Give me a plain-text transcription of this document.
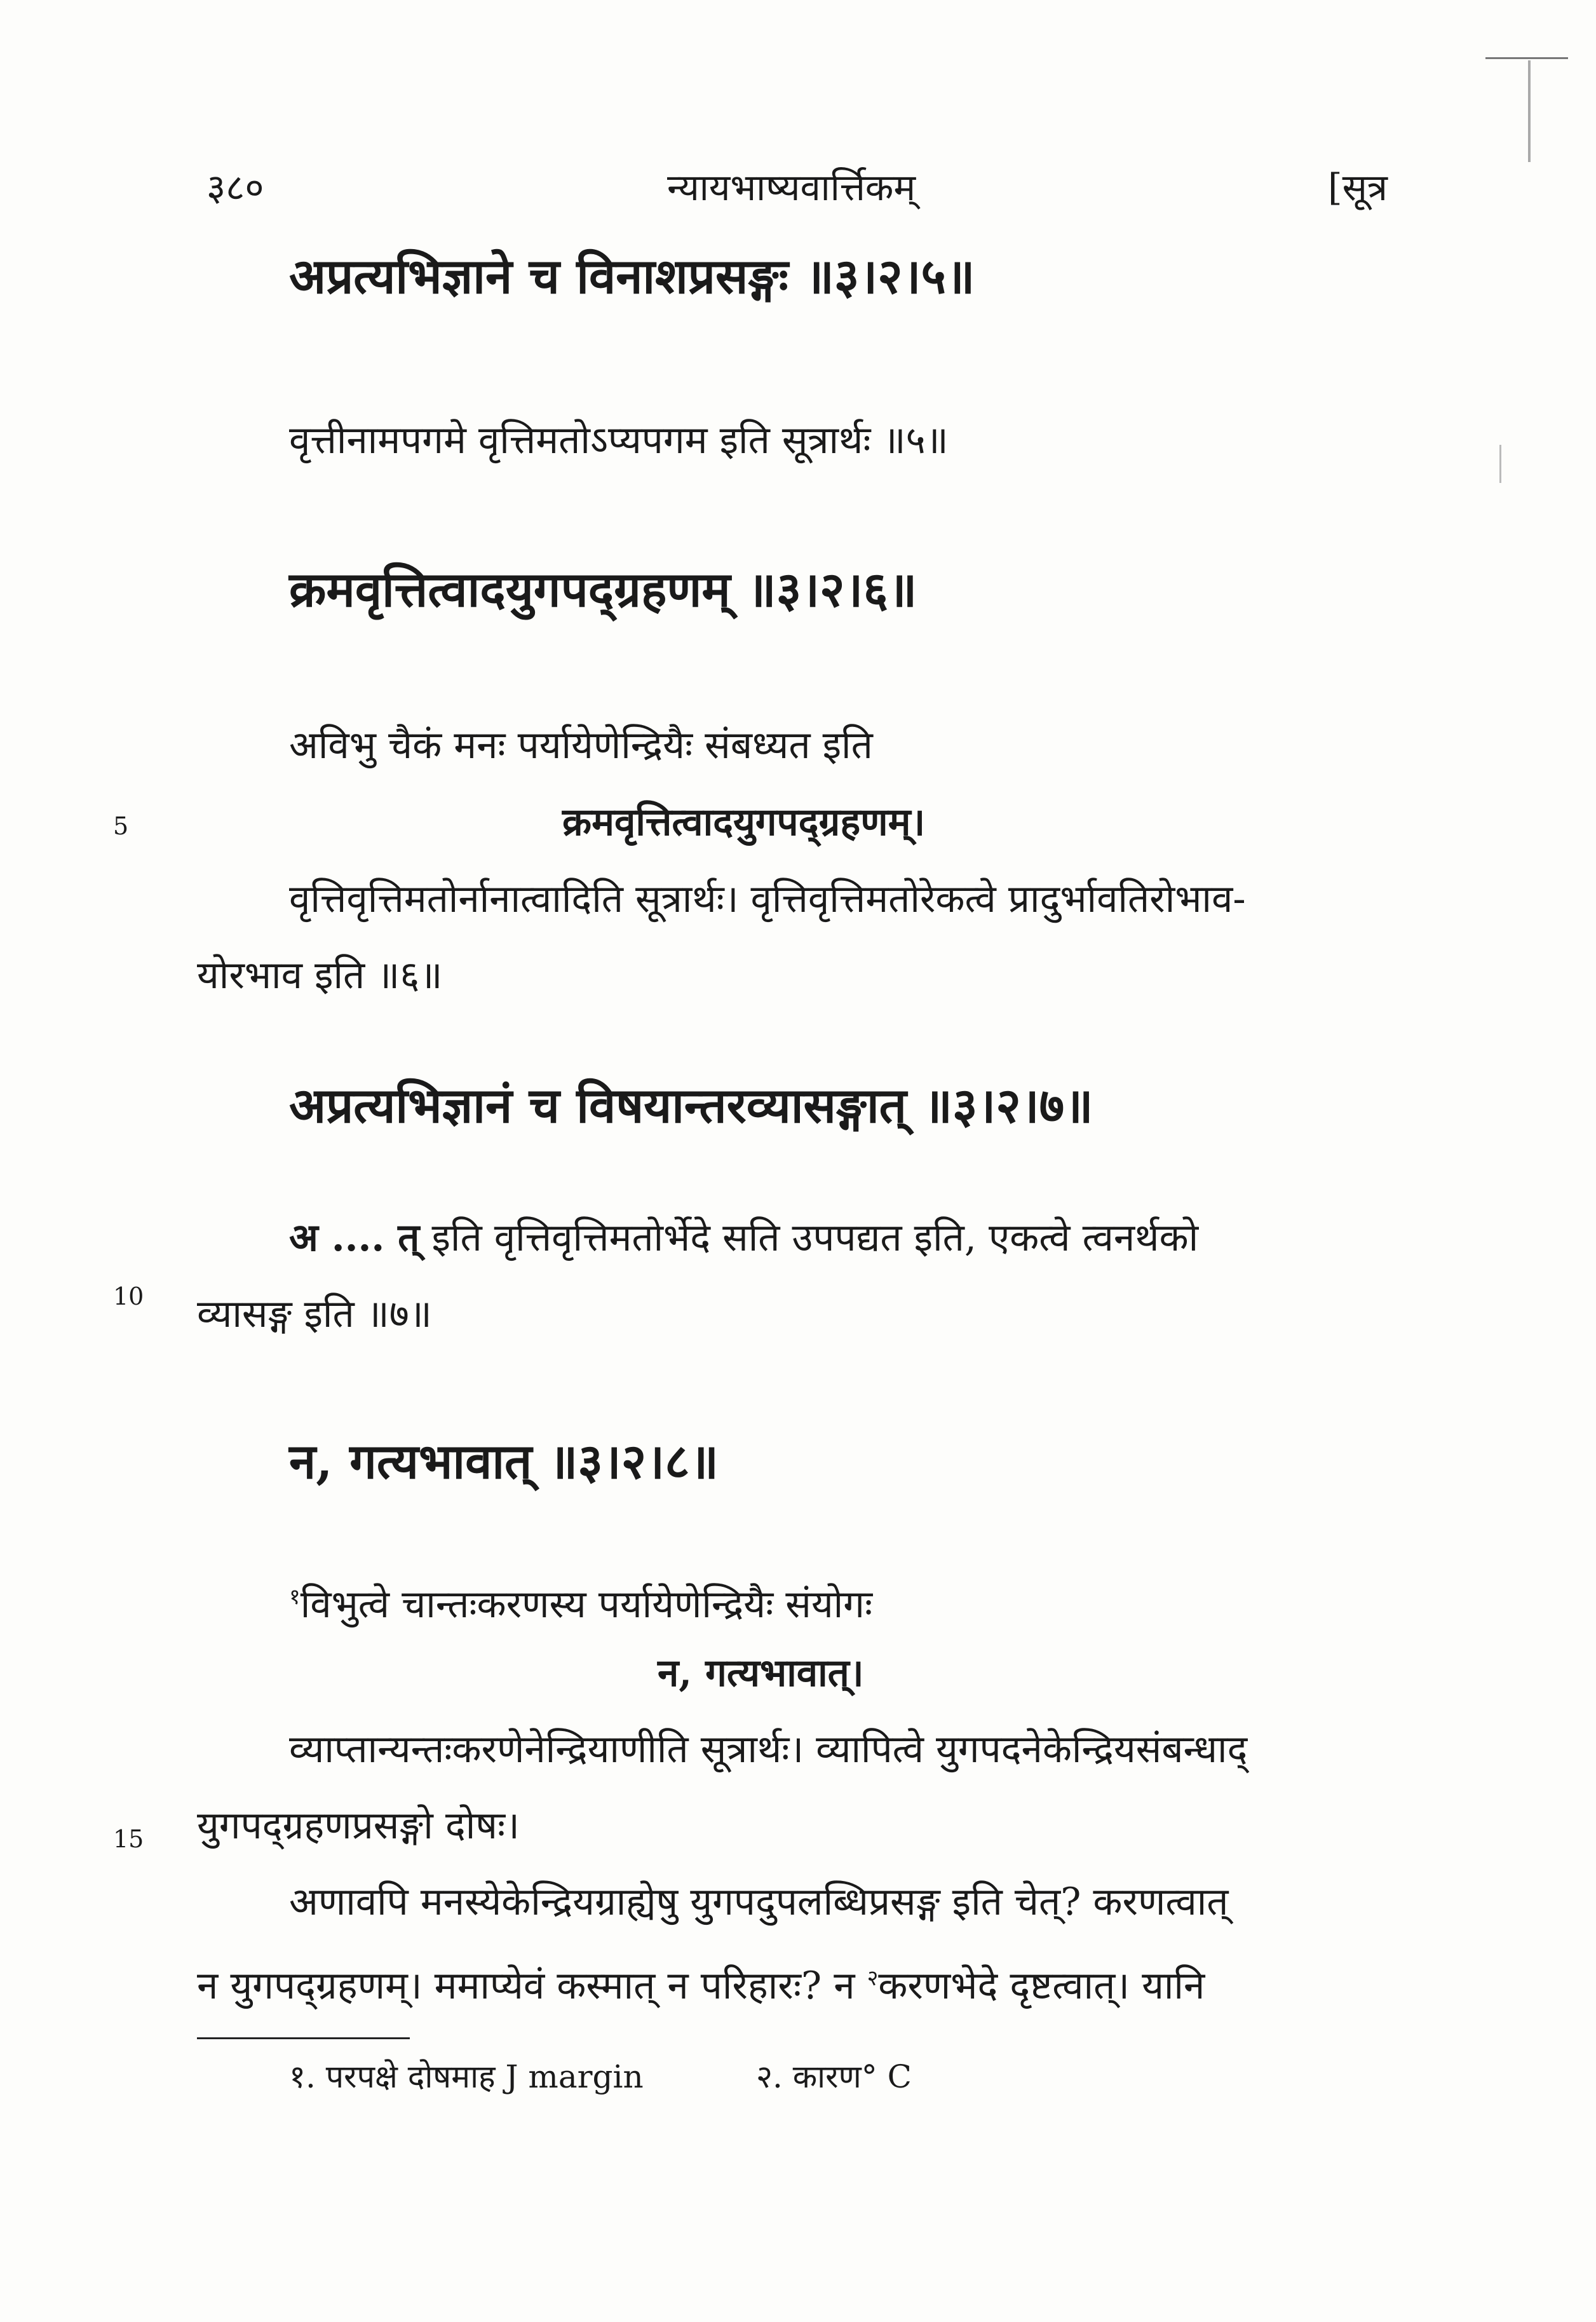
३८०	न्यायभाष्यवार्त्तिकम्	[सूत्र
अप्रत्यभिज्ञाने च विनाशप्रसङ्गः ॥३।२।५॥
वृत्तीनामपगमे वृत्तिमतोऽप्यपगम इति सूत्रार्थः ॥५॥
क्रमवृत्तित्वादयुगपद्ग्रहणम् ॥३।२।६॥
अविभु चैकं मनः पर्यायेणेन्द्रियैः संबध्यत इति
5	क्रमवृत्तित्वादयुगपद्ग्रहणम्।
वृत्तिवृत्तिमतोर्नानात्वादिति सूत्रार्थः। वृत्तिवृत्तिमतोरेकत्वे प्रादुर्भावतिरोभाव-
योरभाव इति ॥६॥
अप्रत्यभिज्ञानं च विषयान्तरव्यासङ्गात् ॥३।२।७॥
अ .... त् इति वृत्तिवृत्तिमतोर्भेदे सति उपपद्यत इति, एकत्वे त्वनर्थको
10 व्यासङ्ग इति ॥७॥
न, गत्यभावात् ॥३।२।८॥
$^१$विभुत्वे चान्तःकरणस्य पर्यायेणेन्द्रियैः संयोगः
न, गत्यभावात्।
व्याप्तान्यन्तःकरणेनेन्द्रियाणीति सूत्रार्थः। व्यापित्वे युगपदनेकेन्द्रियसंबन्धाद्
15 युगपद्ग्रहणप्रसङ्गो दोषः।
अणावपि मनस्येकेन्द्रियग्राह्येषु युगपदुपलब्धिप्रसङ्ग इति चेत्? करणत्वात्
न युगपद्ग्रहणम्। ममाप्येवं कस्मात् न परिहारः? न $^२$करणभेदे दृष्टत्वात्। यानि
१. परपक्षे दोषमाह J margin	२. कारण° C
